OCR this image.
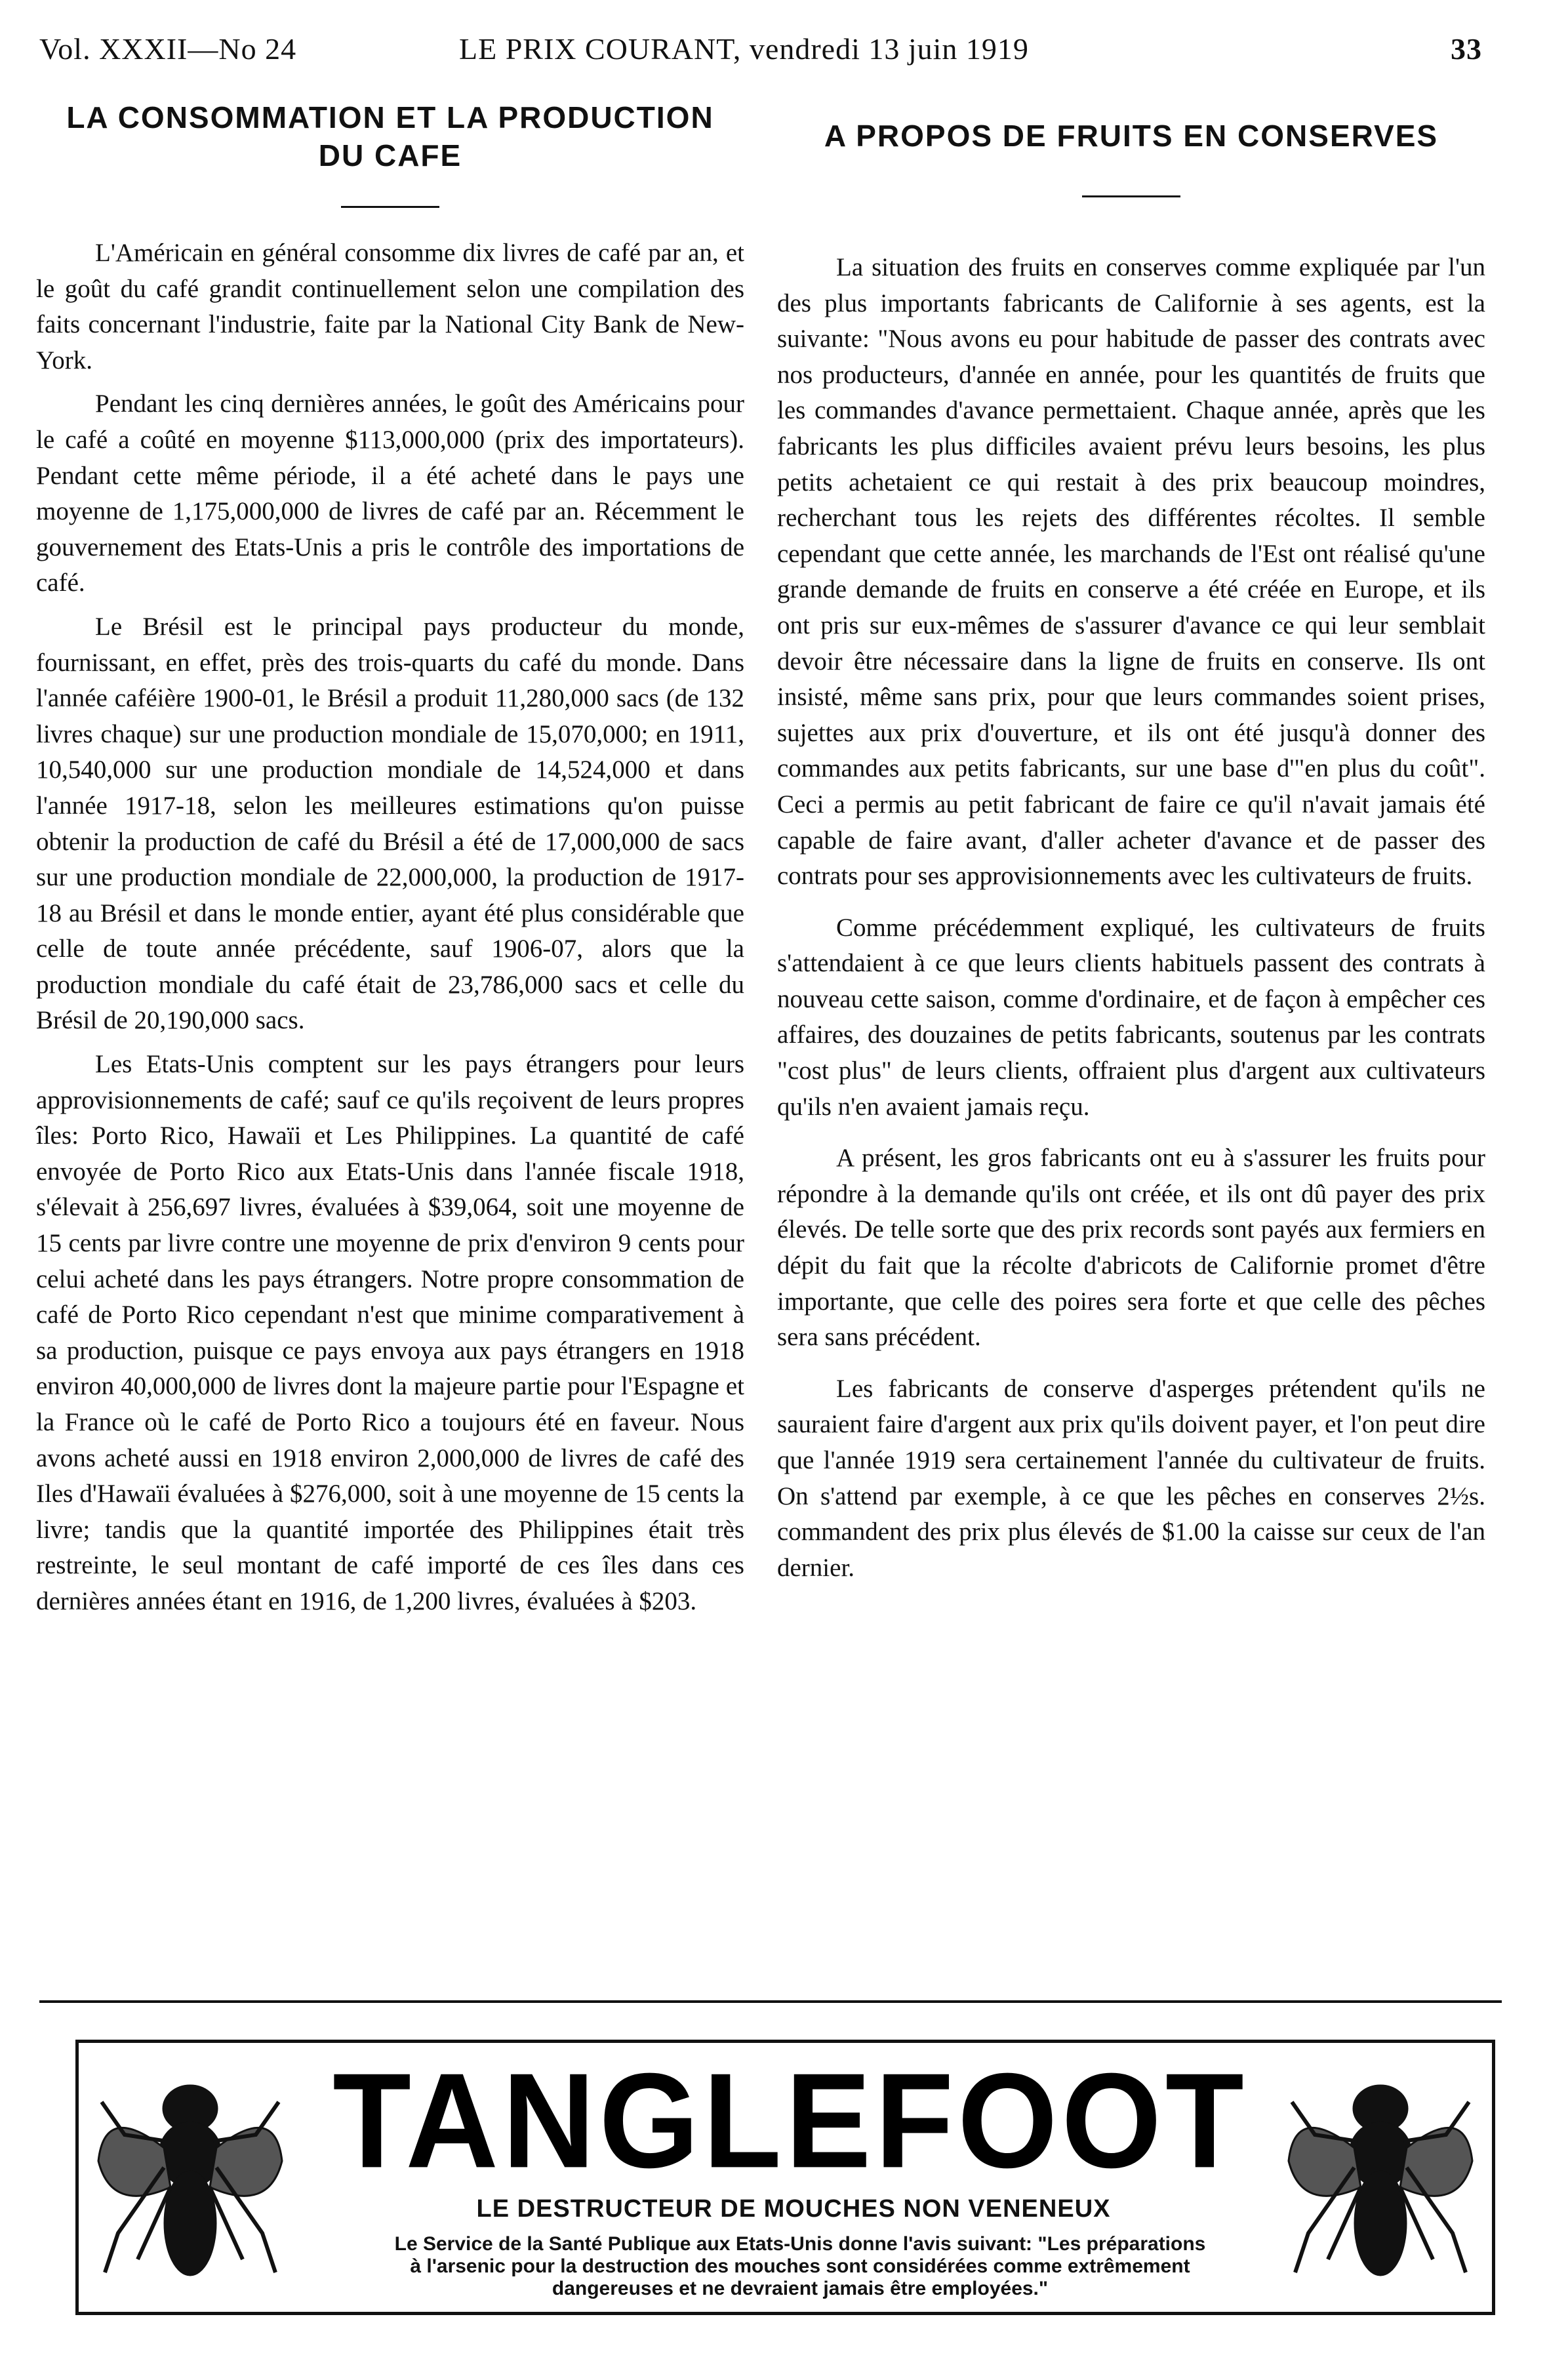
Vol. XXXII—No 24	LE PRIX COURANT, vendredi 13 juin 1919	33
LA CONSOMMATION ET LA PRODUCTION DU CAFE

L'Américain en général consomme dix livres de café par an, et le goût du café grandit continuellement selon une compilation des faits concernant l'industrie, faite par la National City Bank de New-York.

Pendant les cinq dernières années, le goût des Américains pour le café a coûté en moyenne $113,000,000 (prix des importateurs). Pendant cette même période, il a été acheté dans le pays une moyenne de 1,175,000,000 de livres de café par an. Récemment le gouvernement des Etats-Unis a pris le contrôle des importations de café.

Le Brésil est le principal pays producteur du monde, fournissant, en effet, près des trois-quarts du café du monde. Dans l'année caféière 1900-01, le Brésil a produit 11,280,000 sacs (de 132 livres chaque) sur une production mondiale de 15,070,000; en 1911, 10,540,000 sur une production mondiale de 14,524,000 et dans l'année 1917-18, selon les meilleures estimations qu'on puisse obtenir la production de café du Brésil a été de 17,000,000 de sacs sur une production mondiale de 22,000,000, la production de 1917-18 au Brésil et dans le monde entier, ayant été plus considérable que celle de toute année précédente, sauf 1906-07, alors que la production mondiale du café était de 23,786,000 sacs et celle du Brésil de 20,190,000 sacs.

Les Etats-Unis comptent sur les pays étrangers pour leurs approvisionnements de café; sauf ce qu'ils reçoivent de leurs propres îles: Porto Rico, Hawaïi et Les Philippines. La quantité de café envoyée de Porto Rico aux Etats-Unis dans l'année fiscale 1918, s'élevait à 256,697 livres, évaluées à $39,064, soit une moyenne de 15 cents par livre contre une moyenne de prix d'environ 9 cents pour celui acheté dans les pays étrangers. Notre propre consommation de café de Porto Rico cependant n'est que minime comparativement à sa production, puisque ce pays envoya aux pays étrangers en 1918 environ 40,000,000 de livres dont la majeure partie pour l'Espagne et la France où le café de Porto Rico a toujours été en faveur. Nous avons acheté aussi en 1918 environ 2,000,000 de livres de café des Iles d'Hawaïi évaluées à $276,000, soit à une moyenne de 15 cents la livre; tandis que la quantité importée des Philippines était très restreinte, le seul montant de café importé de ces îles dans ces dernières années étant en 1916, de 1,200 livres, évaluées à $203.

A PROPOS DE FRUITS EN CONSERVES

La situation des fruits en conserves comme expliquée par l'un des plus importants fabricants de Californie à ses agents, est la suivante: "Nous avons eu pour habitude de passer des contrats avec nos producteurs, d'année en année, pour les quantités de fruits que les commandes d'avance permettaient. Chaque année, après que les fabricants les plus difficiles avaient prévu leurs besoins, les plus petits achetaient ce qui restait à des prix beaucoup moindres, recherchant tous les rejets des différentes récoltes. Il semble cependant que cette année, les marchands de l'Est ont réalisé qu'une grande demande de fruits en conserve a été créée en Europe, et ils ont pris sur eux-mêmes de s'assurer d'avance ce qui leur semblait devoir être nécessaire dans la ligne de fruits en conserve. Ils ont insisté, même sans prix, pour que leurs commandes soient prises, sujettes aux prix d'ouverture, et ils ont été jusqu'à donner des commandes aux petits fabricants, sur une base d'"en plus du coût". Ceci a permis au petit fabricant de faire ce qu'il n'avait jamais été capable de faire avant, d'aller acheter d'avance et de passer des contrats pour ses approvisionnements avec les cultivateurs de fruits.

Comme précédemment expliqué, les cultivateurs de fruits s'attendaient à ce que leurs clients habituels passent des contrats à nouveau cette saison, comme d'ordinaire, et de façon à empêcher ces affaires, des douzaines de petits fabricants, soutenus par les contrats "cost plus" de leurs clients, offraient plus d'argent aux cultivateurs qu'ils n'en avaient jamais reçu.

A présent, les gros fabricants ont eu à s'assurer les fruits pour répondre à la demande qu'ils ont créée, et ils ont dû payer des prix élevés. De telle sorte que des prix records sont payés aux fermiers en dépit du fait que la récolte d'abricots de Californie promet d'être importante, que celle des poires sera forte et que celle des pêches sera sans précédent.

Les fabricants de conserve d'asperges prétendent qu'ils ne sauraient faire d'argent aux prix qu'ils doivent payer, et l'on peut dire que l'année 1919 sera certainement l'année du cultivateur de fruits. On s'attend par exemple, à ce que les pêches en conserves 2½s. commandent des prix plus élevés de $1.00 la caisse sur ceux de l'an dernier.

TANGLEFOOT
LE DESTRUCTEUR DE MOUCHES NON VENENEUX
Le Service de la Santé Publique aux Etats-Unis donne l'avis suivant: "Les préparations à l'arsenic pour la destruction des mouches sont considérées comme extrêmement dangereuses et ne devraient jamais être employées."
